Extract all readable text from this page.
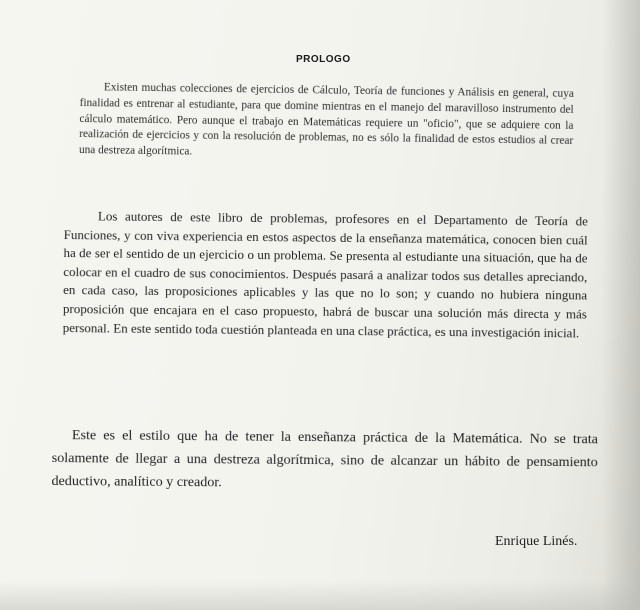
PROLOGO

Existen muchas colecciones de ejercicios de Cálculo, Teoría de funciones y Análisis en general, cuya finalidad es entrenar al estudiante, para que domine mientras en el manejo del maravilloso instrumento del cálculo matemático. Pero aunque el trabajo en Matemáticas requiere un "oficio", que se adquiere con la realización de ejercicios y con la resolución de problemas, no es sólo la finalidad de estos estudios al crear una destreza algorítmica.

Los autores de este libro de problemas, profesores en el Departamento de Teoría de Funciones, y con viva experiencia en estos aspectos de la enseñanza matemática, conocen bien cuál ha de ser el sentido de un ejercicio o un problema. Se presenta al estudiante una situación, que ha de colocar en el cuadro de sus conocimientos. Después pasará a analizar todos sus detalles apreciando, en cada caso, las proposiciones aplicables y las que no lo son; y cuando no hubiera ninguna proposición que encajara en el caso propuesto, habrá de buscar una solución más directa y más personal. En este sentido toda cuestión planteada en una clase práctica, es una investigación inicial.

Este es el estilo que ha de tener la enseñanza práctica de la Matemática. No se trata solamente de llegar a una destreza algorítmica, sino de alcanzar un hábito de pensamiento deductivo, analítico y creador.

Enrique Linés.
